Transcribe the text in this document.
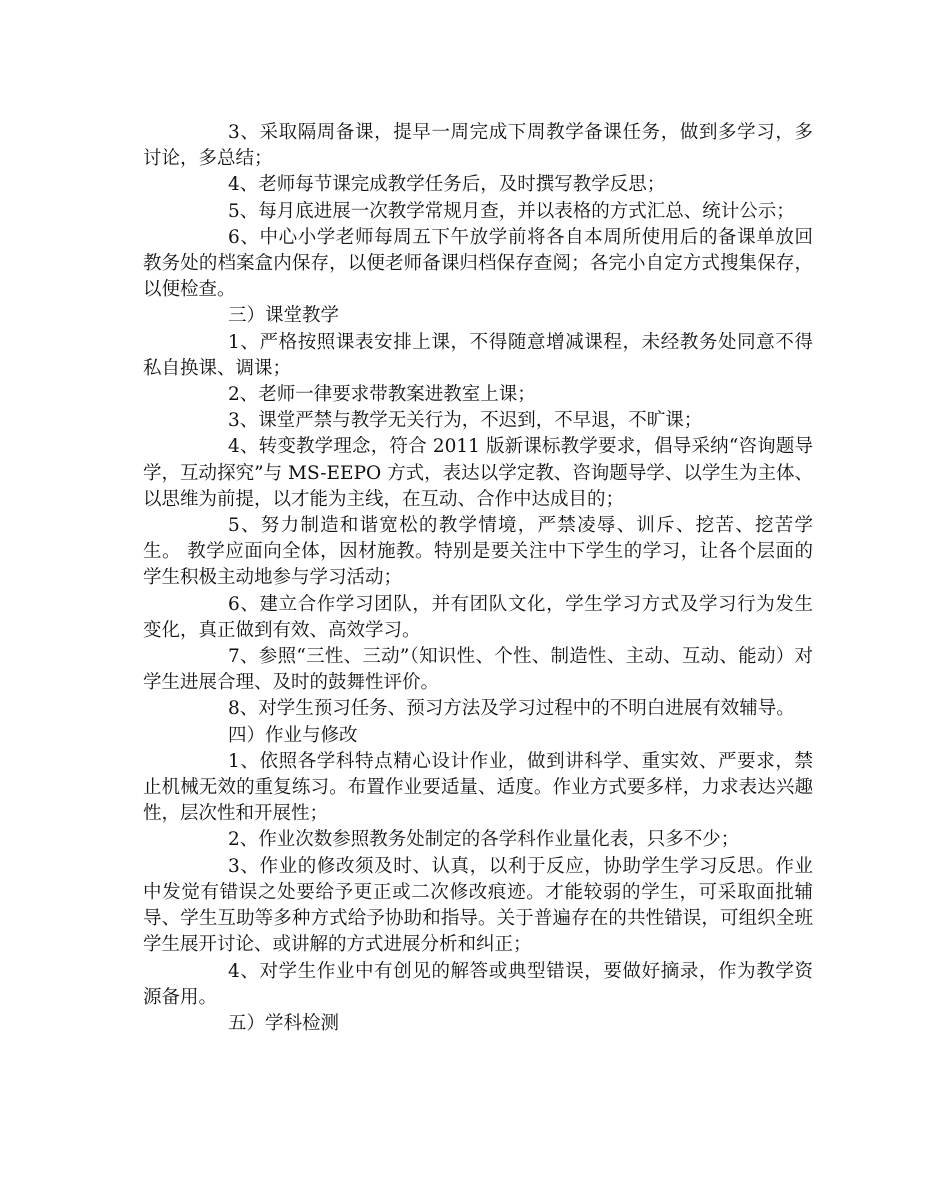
3、采取隔周备课，提早一周完成下周教学备课任务，做到多学习，多讨论，多总结；

4、老师每节课完成教学任务后，及时撰写教学反思；

5、每月底进展一次教学常规月查，并以表格的方式汇总、统计公示；

6、中心小学老师每周五下午放学前将各自本周所使用后的备课单放回教务处的档案盒内保存，以便老师备课归档保存查阅；各完小自定方式搜集保存，以便检查。

三）课堂教学

1、严格按照课表安排上课，不得随意增减课程，未经教务处同意不得私自换课、调课；

2、老师一律要求带教案进教室上课；

3、课堂严禁与教学无关行为，不迟到，不早退，不旷课；

4、转变教学理念，符合 2011 版新课标教学要求，倡导采纳“咨询题导学，互动探究”与 MS-EEPO 方式，表达以学定教、咨询题导学、以学生为主体、以思维为前提，以才能为主线，在互动、合作中达成目的；

5、努力制造和谐宽松的教学情境，严禁凌辱、训斥、挖苦、挖苦学生。 教学应面向全体，因材施教。特别是要关注中下学生的学习，让各个层面的学生积极主动地参与学习活动；

6、建立合作学习团队，并有团队文化，学生学习方式及学习行为发生变化，真正做到有效、高效学习。

7、参照“三性、三动”（知识性、个性、制造性、主动、互动、能动）对学生进展合理、及时的鼓舞性评价。

8、对学生预习任务、预习方法及学习过程中的不明白进展有效辅导。

四）作业与修改

1、依照各学科特点精心设计作业，做到讲科学、重实效、严要求，禁止机械无效的重复练习。布置作业要适量、适度。作业方式要多样，力求表达兴趣性，层次性和开展性；

2、作业次数参照教务处制定的各学科作业量化表，只多不少；

3、作业的修改须及时、认真，以利于反应，协助学生学习反思。作业中发觉有错误之处要给予更正或二次修改痕迹。才能较弱的学生，可采取面批辅导、学生互助等多种方式给予协助和指导。关于普遍存在的共性错误，可组织全班学生展开讨论、或讲解的方式进展分析和纠正；

4、对学生作业中有创见的解答或典型错误，要做好摘录，作为教学资源备用。

五）学科检测
